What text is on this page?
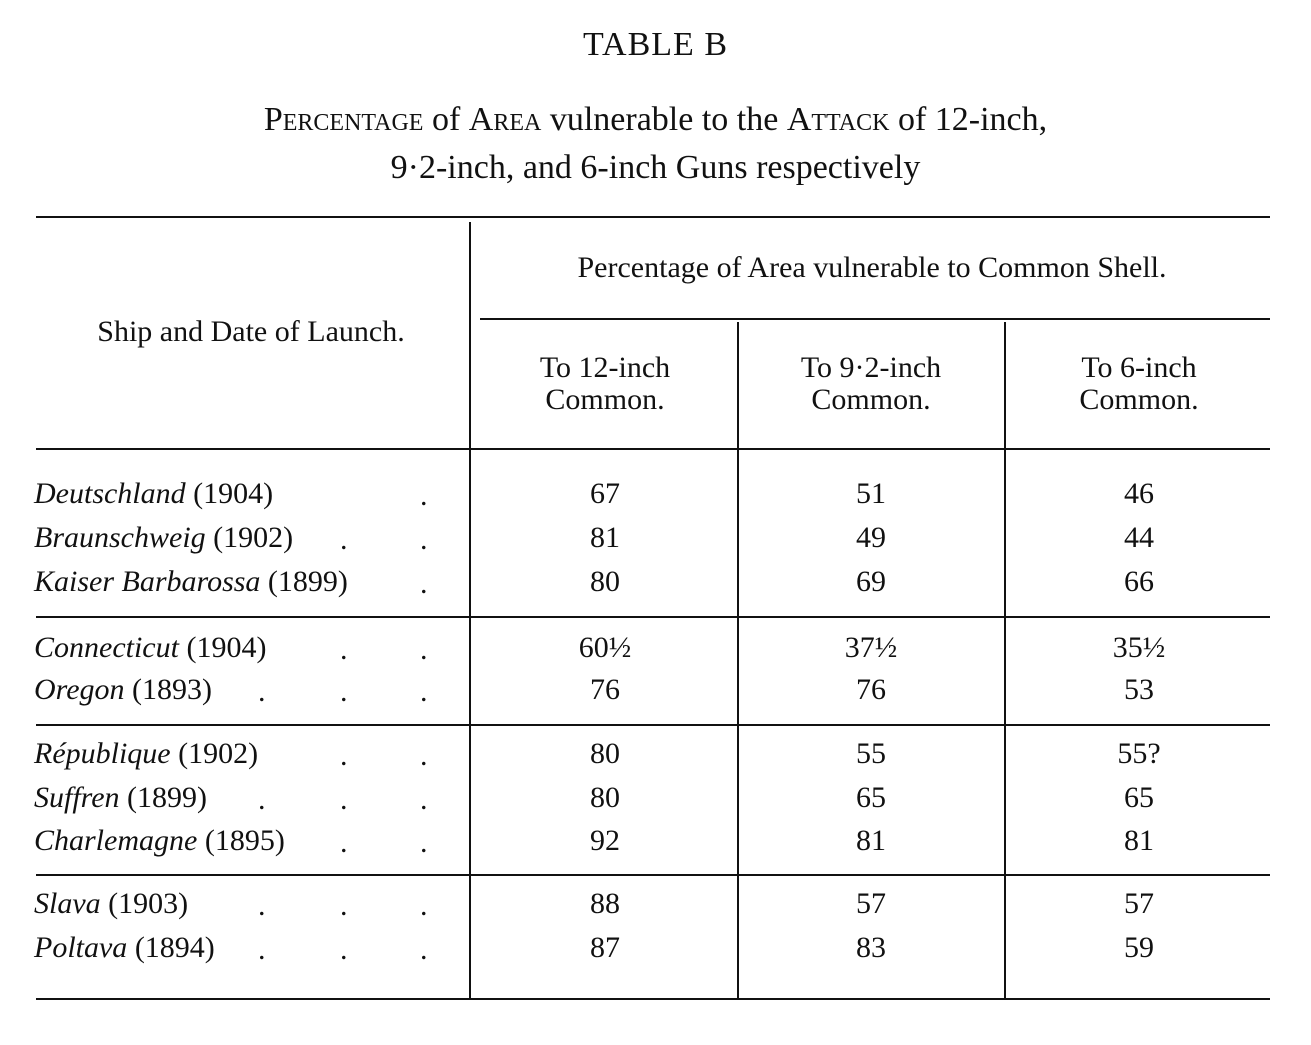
TABLE B
Percentage of Area vulnerable to the Attack of 12-inch,
9·2-inch, and 6-inch Guns respectively
Ship and Date of Launch.
Percentage of Area vulnerable to Common Shell.
To 12-inch
Common.
To 9·2-inch
Common.
To 6-inch
Common.
Deutschland (1904)	67	51	46
Braunschweig (1902)	81	49	44
Kaiser Barbarossa (1899)	80	69	66
Connecticut (1904)	60½	37½	35½
Oregon (1893)	76	76	53
République (1902)	80	55	55?
Suffren (1899)	80	65	65
Charlemagne (1895)	92	81	81
Slava (1903)	88	57	57
Poltava (1894)	87	83	59
.
. .
.
. .
. . .
. .
. . .
. .
. . .
. . .
